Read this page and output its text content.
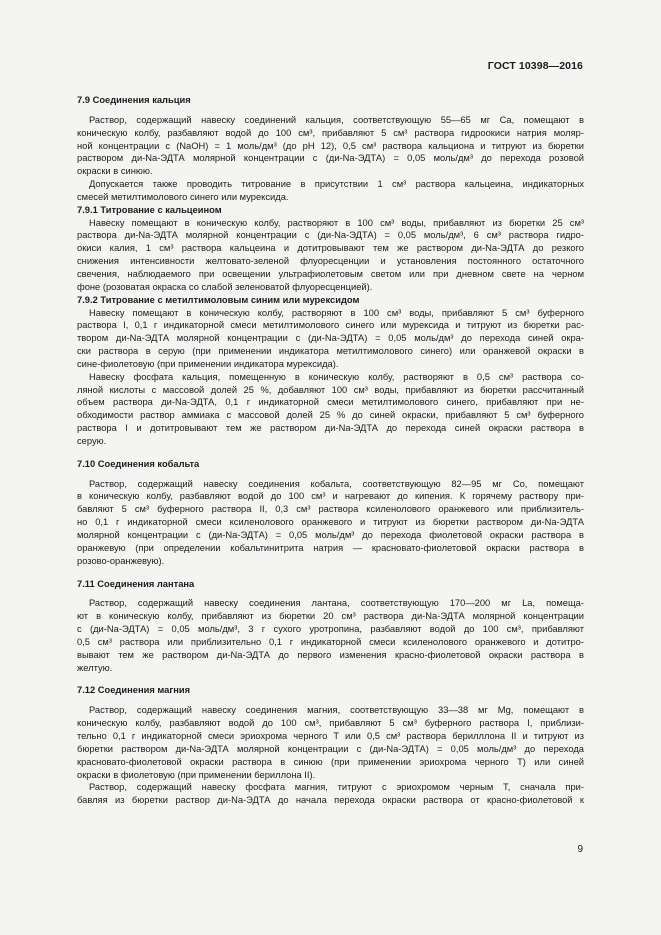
ГОСТ 10398—2016
7.9 Соединения кальция
Раствор, содержащий навеску соединений кальция, соответствующую 55—65 мг Ca, помещают в
коническую колбу, разбавляют водой до 100 см³, прибавляют 5 см³ раствора гидроокиси натрия моляр-
ной концентрации c (NaOH) = 1 моль/дм³ (до pH 12), 0,5 см³ раствора кальциона и титруют из бюретки
раствором ди-Na-ЭДТА молярной концентрации c (ди-Na-ЭДТА) = 0,05 моль/дм³ до перехода розовой
окраски в синюю.
Допускается также проводить титрование в присутствии 1 см³ раствора кальцеина, индикаторных
смесей метилтимолового синего или мурексида.
7.9.1 Титрование с кальцеином
Навеску помещают в коническую колбу, растворяют в 100 см³ воды, прибавляют из бюретки 25 см³
раствора ди-Na-ЭДТА молярной концентрации c (ди-Na-ЭДТА) = 0,05 моль/дм³, 6 см³ раствора гидро-
окиси калия, 1 см³ раствора кальцеина и дотитровывают тем же раствором ди-Na-ЭДТА до резкого
снижения интенсивности желтовато-зеленой флуоресценции и установления постоянного остаточного
свечения, наблюдаемого при освещении ультрафиолетовым светом или при дневном свете на черном
фоне (розоватая окраска со слабой зеленоватой флуоресценцией).
7.9.2 Титрование с метилтимоловым синим или мурексидом
Навеску помещают в коническую колбу, растворяют в 100 см³ воды, прибавляют 5 см³ буферного
раствора I, 0,1 г индикаторной смеси метилтимолового синего или мурексида и титруют из бюретки рас-
твором ди-Na-ЭДТА молярной концентрации c (ди-Na-ЭДТА) = 0,05 моль/дм³ до перехода синей окра-
ски раствора в серую (при применении индикатора метилтимолового синего) или оранжевой окраски в
сине-фиолетовую (при применении индикатора мурексида).
Навеску фосфата кальция, помещенную в коническую колбу, растворяют в 0,5 см³ раствора со-
ляной кислоты с массовой долей 25 %, добавляют 100 см³ воды, прибавляют из бюретки рассчитанный
объем раствора ди-Na-ЭДТА, 0,1 г индикаторной смеси метилтимолового синего, прибавляют при не-
обходимости раствор аммиака с массовой долей 25 % до синей окраски, прибавляют 5 см³ буферного
раствора I и дотитровывают тем же раствором ди-Na-ЭДТА до перехода синей окраски раствора в
серую.
7.10 Соединения кобальта
Раствор, содержащий навеску соединения кобальта, соответствующую 82—95 мг Co, помещают
в коническую колбу, разбавляют водой до 100 см³ и нагревают до кипения. К горячему раствору при-
бавляют 5 см³ буферного раствора II, 0,3 см³ раствора ксиленолового оранжевого или приблизитель-
но 0,1 г индикаторной смеси ксиленолового оранжевого и титруют из бюретки раствором ди-Na-ЭДТА
молярной концентрации c (ди-Na-ЭДТА) = 0,05 моль/дм³ до перехода фиолетовой окраски раствора в
оранжевую (при определении кобальтинитрита натрия — красновато-фиолетовой окраски раствора в
розово-оранжевую).
7.11 Соединения лантана
Раствор, содержащий навеску соединения лантана, соответствующую 170—200 мг La, помеща-
ют в коническую колбу, прибавляют из бюретки 20 см³ раствора ди-Na-ЭДТА молярной концентрации
c (ди-Na-ЭДТА) = 0,05 моль/дм³, 3 г сухого уротропина, разбавляют водой до 100 см³, прибавляют
0,5 см³ раствора или приблизительно 0,1 г индикаторной смеси ксиленолового оранжевого и дотитро-
вывают тем же раствором ди-Na-ЭДТА до первого изменения красно-фиолетовой окраски раствора в
желтую.
7.12 Соединения магния
Раствор, содержащий навеску соединения магния, соответствующую 33—38 мг Mg, помещают в
коническую колбу, разбавляют водой до 100 см³, прибавляют 5 см³ буферного раствора I, приблизи-
тельно 0,1 г индикаторной смеси эриохрома черного T или 0,5 см³ раствора берилллона II и титруют из
бюретки раствором ди-Na-ЭДТА молярной концентрации c (ди-Na-ЭДТА) = 0,05 моль/дм³ до перехода
красновато-фиолетовой окраски раствора в синюю (при применении эриохрома черного T) или синей
окраски в фиолетовую (при применении бериллона II).
Раствор, содержащий навеску фосфата магния, титруют с эриохромом черным T, сначала при-
бавляя из бюретки раствор ди-Na-ЭДТА до начала перехода окраски раствора от красно-фиолетовой к
9
